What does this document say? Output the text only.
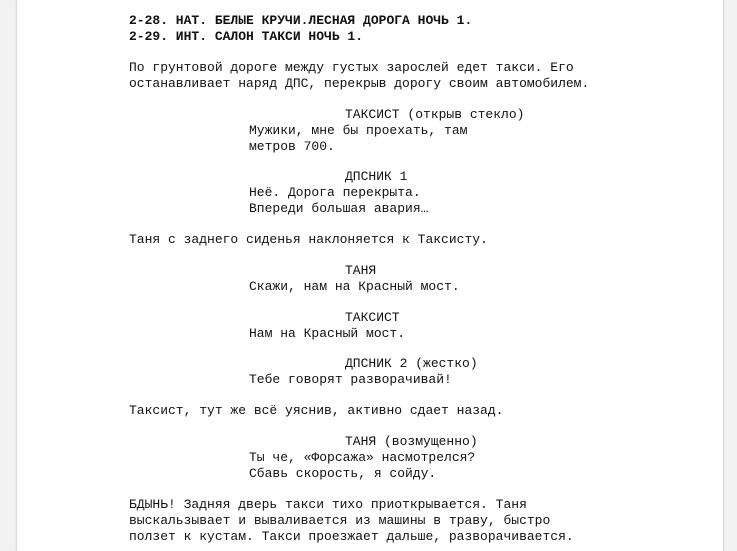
2-28. НАТ. БЕЛЫЕ КРУЧИ.ЛЕСНАЯ ДОРОГА НОЧЬ 1.
2-29. ИНТ. САЛОН ТАКСИ НОЧЬ 1.
По грунтовой дороге между густых зарослей едет такси. Его
останавливает наряд ДПС, перекрыв дорогу своим автомобилем.
ТАКСИСТ (открыв стекло)
Мужики, мне бы проехать, там
метров 700.
ДПСНИК 1
Неё. Дорога перекрыта.
Впереди большая авария…
Таня с заднего сиденья наклоняется к Таксисту.
ТАНЯ
Скажи, нам на Красный мост.
ТАКСИСТ
Нам на Красный мост.
ДПСНИК 2 (жестко)
Тебе говорят разворачивай!
Таксист, тут же всё уяснив, активно сдает назад.
ТАНЯ (возмущенно)
Ты че, «Форсажа» насмотрелся?
Сбавь скорость, я сойду.
БДЫНЬ! Задняя дверь такси тихо приоткрывается. Таня
выскальзывает и вываливается из машины в траву, быстро
ползет к кустам. Такси проезжает дальше, разворачивается.
